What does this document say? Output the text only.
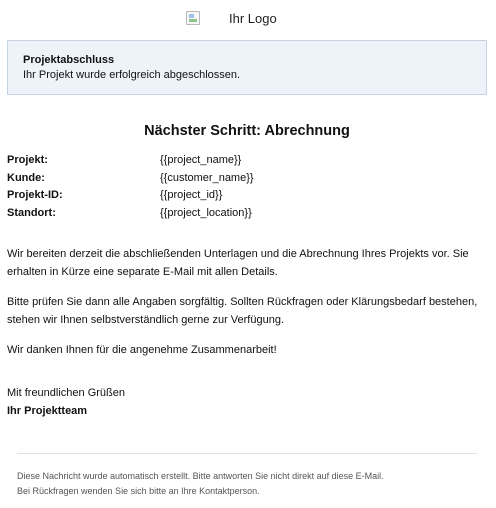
Ihr Logo
Projektabschluss
Ihr Projekt wurde erfolgreich abgeschlossen.
Nächster Schritt: Abrechnung
Projekt:	{{project_name}}
Kunde:	{{customer_name}}
Projekt-ID:	{{project_id}}
Standort:	{{project_location}}

Wir bereiten derzeit die abschließenden Unterlagen und die Abrechnung Ihres Projekts vor. Sie erhalten in Kürze eine separate E-Mail mit allen Details.

Bitte prüfen Sie dann alle Angaben sorgfältig. Sollten Rückfragen oder Klärungsbedarf bestehen, stehen wir Ihnen selbstverständlich gerne zur Verfügung.

Wir danken Ihnen für die angenehme Zusammenarbeit!

Mit freundlichen Grüßen
Ihr Projektteam
Diese Nachricht wurde automatisch erstellt. Bitte antworten Sie nicht direkt auf diese E-Mail.
Bei Rückfragen wenden Sie sich bitte an Ihre Kontaktperson.
